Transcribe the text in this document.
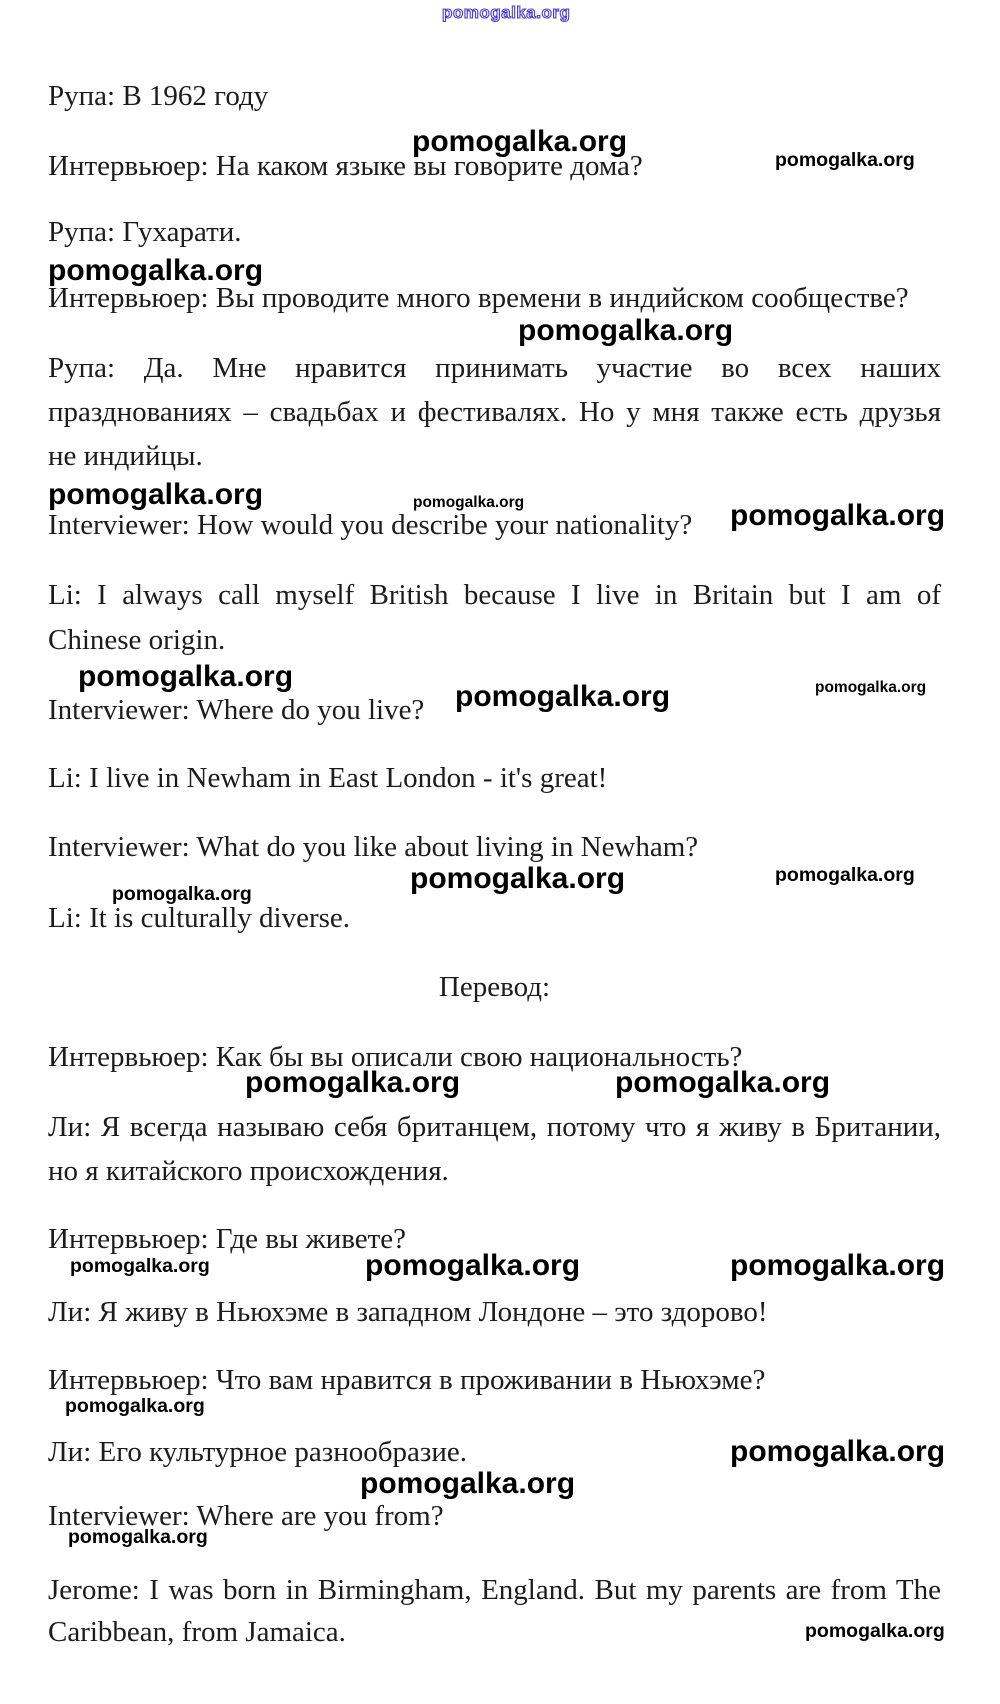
Рупа: В 1962 году
Интервьюер: На каком языке вы говорите дома?
Рупа: Гухарати.
Интервьюер: Вы проводите много времени в индийском сообществе?
Рупа: Да. Мне нравится принимать участие во всех наших
празднованиях – свадьбах и фестивалях. Но у мня также есть друзья
не индийцы.
Interviewer: How would you describe your nationality?
Li: I always call myself British because I live in Britain but I am of
Chinese origin.
Interviewer: Where do you live?
Li: I live in Newham in East London - it's great!
Interviewer: What do you like about living in Newham?
Li: It is culturally diverse.
Перевод:
Интервьюер: Как бы вы описали свою национальность?
Ли: Я всегда называю себя британцем, потому что я живу в Британии,
но я китайского происхождения.
Интервьюер: Где вы живете?
Ли: Я живу в Ньюхэме в западном Лондоне – это здорово!
Интервьюер: Что вам нравится в проживании в Ньюхэме?
Ли: Его культурное разнообразие.
Interviewer: Where are you from?
Jerome: I was born in Birmingham, England. But my parents are from The
Caribbean, from Jamaica.
pomogalka.org
pomogalka.org
pomogalka.org
pomogalka.org
pomogalka.org
pomogalka.org	pomogalka.org	pomogalka.org
pomogalka.org
pomogalka.org	pomogalka.org
pomogalka.org	pomogalka.org
pomogalka.org
pomogalka.org	pomogalka.org
pomogalka.org	pomogalka.org	pomogalka.org
pomogalka.org
pomogalka.org
pomogalka.org
pomogalka.org
pomogalka.org
